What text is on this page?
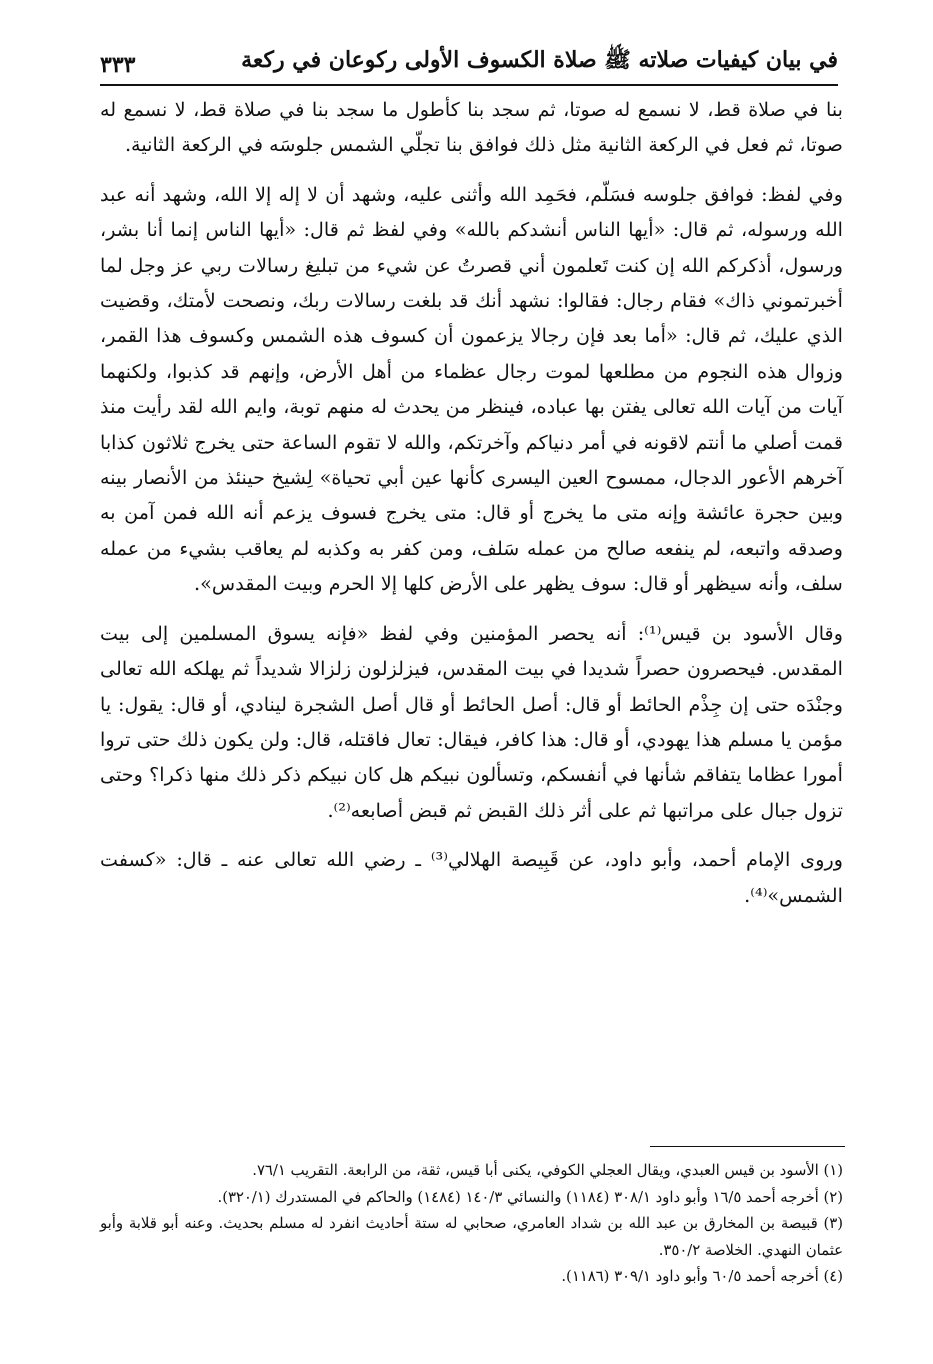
في بيان كيفيات صلاته ﷺ صلاة الكسوف الأولى ركوعان في ركعة
٣٣٣

بنا في صلاة قط، لا نسمع له صوتا، ثم سجد بنا كأطول ما سجد بنا في صلاة قط، لا نسمع له صوتا، ثم فعل في الركعة الثانية مثل ذلك فوافق بنا تجلّي الشمس جلوسَه في الركعة الثانية.

وفي لفظ: فوافق جلوسه فسَلّم، فحَمِد الله وأثنى عليه، وشهد أن لا إله إلا الله، وشهد أنه عبد الله ورسوله، ثم قال: «أيها الناس أنشدكم بالله» وفي لفظ ثم قال: «أيها الناس إنما أنا بشر، ورسول، أذكركم الله إن كنت تَعلمون أني قصرتُ عن شيء من تبليغ رسالات ربي عز وجل لما أخبرتموني ذاك» فقام رجال: فقالوا: نشهد أنك قد بلغت رسالات ربك، ونصحت لأمتك، وقضيت الذي عليك، ثم قال: «أما بعد فإن رجالا يزعمون أن كسوف هذه الشمس وكسوف هذا القمر، وزوال هذه النجوم من مطلعها لموت رجال عظماء من أهل الأرض، وإنهم قد كذبوا، ولكنهما آيات من آيات الله تعالى يفتن بها عباده، فينظر من يحدث له منهم توبة، وايم الله لقد رأيت منذ قمت أصلي ما أنتم لاقونه في أمر دنياكم وآخرتكم، والله لا تقوم الساعة حتى يخرج ثلاثون كذابا آخرهم الأعور الدجال، ممسوح العين اليسرى كأنها عين أبي تحياة» لِشيخ حينئذ من الأنصار بينه وبين حجرة عائشة وإنه متى ما يخرج أو قال: متى يخرج فسوف يزعم أنه الله فمن آمن به وصدقه واتبعه، لم ينفعه صالح من عمله سَلف، ومن كفر به وكذبه لم يعاقب بشيء من عمله سلف، وأنه سيظهر أو قال: سوف يظهر على الأرض كلها إلا الحرم وبيت المقدس».

وقال الأسود بن قيس⁽¹⁾: أنه يحصر المؤمنين وفي لفظ «فإنه يسوق المسلمين إلى بيت المقدس. فيحصرون حصراً شديدا في بيت المقدس، فيزلزلون زلزالا شديداً ثم يهلكه الله تعالى وجنْدَه حتى إن جِذْم الحائط أو قال: أصل الحائط أو قال أصل الشجرة لينادي، أو قال: يقول: يا مؤمن يا مسلم هذا يهودي، أو قال: هذا كافر، فيقال: تعال فاقتله، قال: ولن يكون ذلك حتى تروا أمورا عظاما يتفاقم شأنها في أنفسكم، وتسألون نبيكم هل كان نبيكم ذكر ذلك منها ذكرا؟ وحتى تزول جبال على مراتبها ثم على أثر ذلك القبض ثم قبض أصابعه⁽²⁾.

وروى الإمام أحمد، وأبو داود، عن قَبِيصة الهلالي⁽³⁾ ـ رضي الله تعالى عنه ـ قال: «كسفت الشمس»⁽⁴⁾.

(١) الأسود بن قيس العبدي، ويقال العجلي الكوفي، يكنى أبا قيس، ثقة، من الرابعة. التقريب ٧٦/١.

(٢) أخرجه أحمد ١٦/٥ وأبو داود ٣٠٨/١ (١١٨٤) والنسائي ١٤٠/٣ (١٤٨٤) والحاكم في المستدرك (٣٢٠/١).

(٣) قبيصة بن المخارق بن عبد الله بن شداد العامري، صحابي له ستة أحاديث انفرد له مسلم بحديث. وعنه أبو قلابة وأبو عثمان النهدي. الخلاصة ٣٥٠/٢.

(٤) أخرجه أحمد ٦٠/٥ وأبو داود ٣٠٩/١ (١١٨٦).
